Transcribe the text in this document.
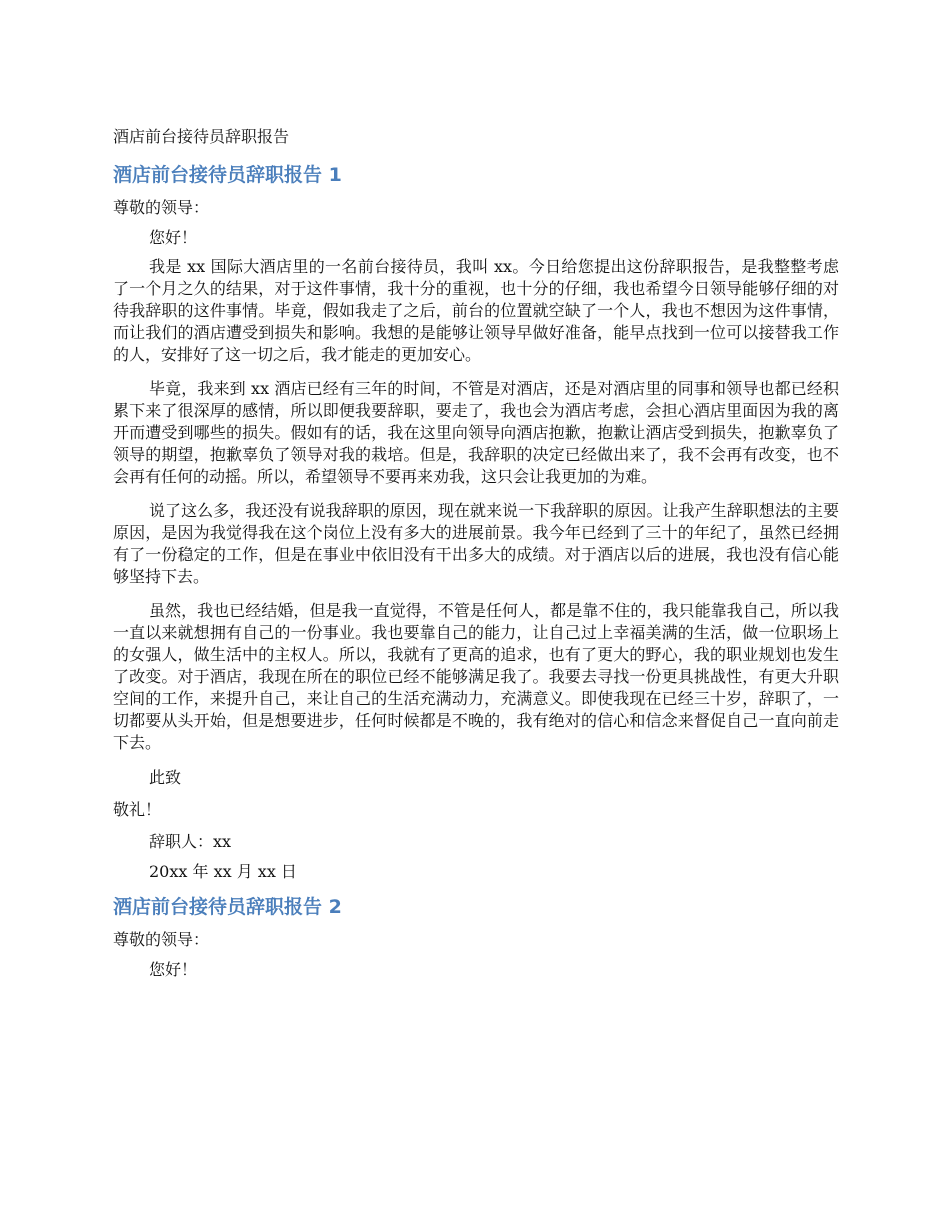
酒店前台接待员辞职报告

酒店前台接待员辞职报告 1

尊敬的领导：

您好！

我是 xx 国际大酒店里的一名前台接待员，我叫 xx。今日给您提出这份辞职报告，是我整整考虑了一个月之久的结果，对于这件事情，我十分的重视，也十分的仔细，我也希望今日领导能够仔细的对待我辞职的这件事情。毕竟，假如我走了之后，前台的位置就空缺了一个人，我也不想因为这件事情，而让我们的酒店遭受到损失和影响。我想的是能够让领导早做好准备，能早点找到一位可以接替我工作的人，安排好了这一切之后，我才能走的更加安心。

毕竟，我来到 xx 酒店已经有三年的时间，不管是对酒店，还是对酒店里的同事和领导也都已经积累下来了很深厚的感情，所以即便我要辞职，要走了，我也会为酒店考虑，会担心酒店里面因为我的离开而遭受到哪些的损失。假如有的话，我在这里向领导向酒店抱歉，抱歉让酒店受到损失，抱歉辜负了领导的期望，抱歉辜负了领导对我的栽培。但是，我辞职的决定已经做出来了，我不会再有改变，也不会再有任何的动摇。所以，希望领导不要再来劝我，这只会让我更加的为难。

说了这么多，我还没有说我辞职的原因，现在就来说一下我辞职的原因。让我产生辞职想法的主要原因，是因为我觉得我在这个岗位上没有多大的进展前景。我今年已经到了三十的年纪了，虽然已经拥有了一份稳定的工作，但是在事业中依旧没有干出多大的成绩。对于酒店以后的进展，我也没有信心能够坚持下去。

虽然，我也已经结婚，但是我一直觉得，不管是任何人，都是靠不住的，我只能靠我自己，所以我一直以来就想拥有自己的一份事业。我也要靠自己的能力，让自己过上幸福美满的生活，做一位职场上的女强人，做生活中的主权人。所以，我就有了更高的追求，也有了更大的野心，我的职业规划也发生了改变。对于酒店，我现在所在的职位已经不能够满足我了。我要去寻找一份更具挑战性，有更大升职空间的工作，来提升自己，来让自己的生活充满动力，充满意义。即使我现在已经三十岁，辞职了，一切都要从头开始，但是想要进步，任何时候都是不晚的，我有绝对的信心和信念来督促自己一直向前走下去。

此致

敬礼！

辞职人：xx

20xx 年 xx 月 xx 日

酒店前台接待员辞职报告 2

尊敬的领导：

您好！
